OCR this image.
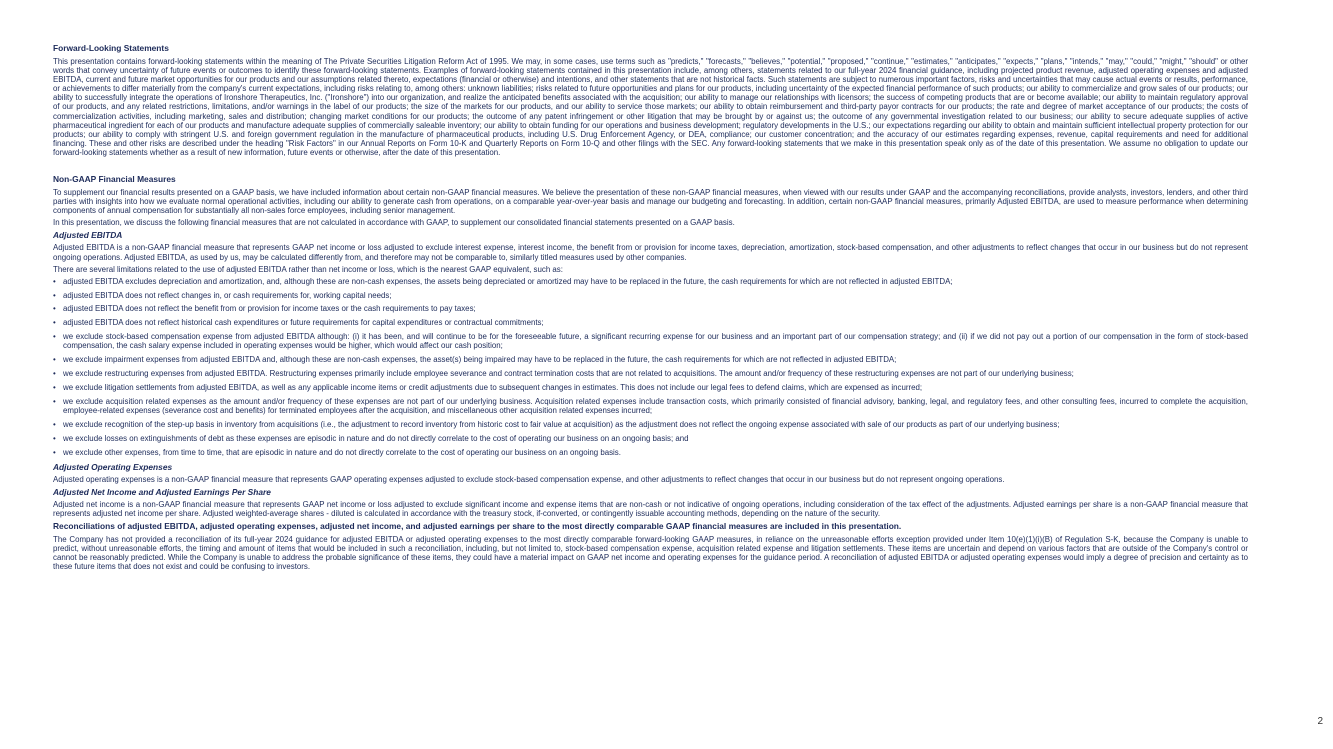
Forward-Looking Statements
This presentation contains forward-looking statements within the meaning of The Private Securities Litigation Reform Act of 1995. We may, in some cases, use terms such as "predicts," "forecasts," "believes," "potential," "proposed," "continue," "estimates," "anticipates," "expects," "plans," "intends," "may," "could," "might," "should" or other words that convey uncertainty of future events or outcomes to identify these forward-looking statements. Examples of forward-looking statements contained in this presentation include, among others, statements related to our full-year 2024 financial guidance, including projected product revenue, adjusted operating expenses and adjusted EBITDA, current and future market opportunities for our products and our assumptions related thereto, expectations (financial or otherwise) and intentions, and other statements that are not historical facts. Such statements are subject to numerous important factors, risks and uncertainties that may cause actual events or results, performance, or achievements to differ materially from the company's current expectations, including risks relating to, among others: unknown liabilities; risks related to future opportunities and plans for our products, including uncertainty of the expected financial performance of such products; our ability to commercialize and grow sales of our products; our ability to successfully integrate the operations of Ironshore Therapeutics, Inc. ("Ironshore") into our organization, and realize the anticipated benefits associated with the acquisition; our ability to manage our relationships with licensors; the success of competing products that are or become available; our ability to maintain regulatory approval of our products, and any related restrictions, limitations, and/or warnings in the label of our products; the size of the markets for our products, and our ability to service those markets; our ability to obtain reimbursement and third-party payor contracts for our products; the rate and degree of market acceptance of our products; the costs of commercialization activities, including marketing, sales and distribution; changing market conditions for our products; the outcome of any patent infringement or other litigation that may be brought by or against us; the outcome of any governmental investigation related to our business; our ability to secure adequate supplies of active pharmaceutical ingredient for each of our products and manufacture adequate supplies of commercially saleable inventory; our ability to obtain funding for our operations and business development; regulatory developments in the U.S.; our expectations regarding our ability to obtain and maintain sufficient intellectual property protection for our products; our ability to comply with stringent U.S. and foreign government regulation in the manufacture of pharmaceutical products, including U.S. Drug Enforcement Agency, or DEA, compliance; our customer concentration; and the accuracy of our estimates regarding expenses, revenue, capital requirements and need for additional financing. These and other risks are described under the heading "Risk Factors" in our Annual Reports on Form 10-K and Quarterly Reports on Form 10-Q and other filings with the SEC. Any forward-looking statements that we make in this presentation speak only as of the date of this presentation. We assume no obligation to update our forward-looking statements whether as a result of new information, future events or otherwise, after the date of this presentation.
Non-GAAP Financial Measures
To supplement our financial results presented on a GAAP basis, we have included information about certain non-GAAP financial measures. We believe the presentation of these non-GAAP financial measures, when viewed with our results under GAAP and the accompanying reconciliations, provide analysts, investors, lenders, and other third parties with insights into how we evaluate normal operational activities, including our ability to generate cash from operations, on a comparable year-over-year basis and manage our budgeting and forecasting. In addition, certain non-GAAP financial measures, primarily Adjusted EBITDA, are used to measure performance when determining components of annual compensation for substantially all non-sales force employees, including senior management.
In this presentation, we discuss the following financial measures that are not calculated in accordance with GAAP, to supplement our consolidated financial statements presented on a GAAP basis.
Adjusted EBITDA
Adjusted EBITDA is a non-GAAP financial measure that represents GAAP net income or loss adjusted to exclude interest expense, interest income, the benefit from or provision for income taxes, depreciation, amortization, stock-based compensation, and other adjustments to reflect changes that occur in our business but do not represent ongoing operations. Adjusted EBITDA, as used by us, may be calculated differently from, and therefore may not be comparable to, similarly titled measures used by other companies.
There are several limitations related to the use of adjusted EBITDA rather than net income or loss, which is the nearest GAAP equivalent, such as:
• adjusted EBITDA excludes depreciation and amortization, and, although these are non-cash expenses, the assets being depreciated or amortized may have to be replaced in the future, the cash requirements for which are not reflected in adjusted EBITDA;
• adjusted EBITDA does not reflect changes in, or cash requirements for, working capital needs;
• adjusted EBITDA does not reflect the benefit from or provision for income taxes or the cash requirements to pay taxes;
• adjusted EBITDA does not reflect historical cash expenditures or future requirements for capital expenditures or contractual commitments;
• we exclude stock-based compensation expense from adjusted EBITDA although: (i) it has been, and will continue to be for the foreseeable future, a significant recurring expense for our business and an important part of our compensation strategy; and (ii) if we did not pay out a portion of our compensation in the form of stock-based compensation, the cash salary expense included in operating expenses would be higher, which would affect our cash position;
• we exclude impairment expenses from adjusted EBITDA and, although these are non-cash expenses, the asset(s) being impaired may have to be replaced in the future, the cash requirements for which are not reflected in adjusted EBITDA;
• we exclude restructuring expenses from adjusted EBITDA. Restructuring expenses primarily include employee severance and contract termination costs that are not related to acquisitions. The amount and/or frequency of these restructuring expenses are not part of our underlying business;
• we exclude litigation settlements from adjusted EBITDA, as well as any applicable income items or credit adjustments due to subsequent changes in estimates. This does not include our legal fees to defend claims, which are expensed as incurred;
• we exclude acquisition related expenses as the amount and/or frequency of these expenses are not part of our underlying business. Acquisition related expenses include transaction costs, which primarily consisted of financial advisory, banking, legal, and regulatory fees, and other consulting fees, incurred to complete the acquisition, employee-related expenses (severance cost and benefits) for terminated employees after the acquisition, and miscellaneous other acquisition related expenses incurred;
• we exclude recognition of the step-up basis in inventory from acquisitions (i.e., the adjustment to record inventory from historic cost to fair value at acquisition) as the adjustment does not reflect the ongoing expense associated with sale of our products as part of our underlying business;
• we exclude losses on extinguishments of debt as these expenses are episodic in nature and do not directly correlate to the cost of operating our business on an ongoing basis; and
• we exclude other expenses, from time to time, that are episodic in nature and do not directly correlate to the cost of operating our business on an ongoing basis.
Adjusted Operating Expenses
Adjusted operating expenses is a non-GAAP financial measure that represents GAAP operating expenses adjusted to exclude stock-based compensation expense, and other adjustments to reflect changes that occur in our business but do not represent ongoing operations.
Adjusted Net Income and Adjusted Earnings Per Share
Adjusted net income is a non-GAAP financial measure that represents GAAP net income or loss adjusted to exclude significant income and expense items that are non-cash or not indicative of ongoing operations, including consideration of the tax effect of the adjustments. Adjusted earnings per share is a non-GAAP financial measure that represents adjusted net income per share. Adjusted weighted-average shares - diluted is calculated in accordance with the treasury stock, if-converted, or contingently issuable accounting methods, depending on the nature of the security.
Reconciliations of adjusted EBITDA, adjusted operating expenses, adjusted net income, and adjusted earnings per share to the most directly comparable GAAP financial measures are included in this presentation.
The Company has not provided a reconciliation of its full-year 2024 guidance for adjusted EBITDA or adjusted operating expenses to the most directly comparable forward-looking GAAP measures, in reliance on the unreasonable efforts exception provided under Item 10(e)(1)(i)(B) of Regulation S-K, because the Company is unable to predict, without unreasonable efforts, the timing and amount of items that would be included in such a reconciliation, including, but not limited to, stock-based compensation expense, acquisition related expense and litigation settlements. These items are uncertain and depend on various factors that are outside of the Company's control or cannot be reasonably predicted. While the Company is unable to address the probable significance of these items, they could have a material impact on GAAP net income and operating expenses for the guidance period. A reconciliation of adjusted EBITDA or adjusted operating expenses would imply a degree of precision and certainty as to these future items that does not exist and could be confusing to investors.
2
